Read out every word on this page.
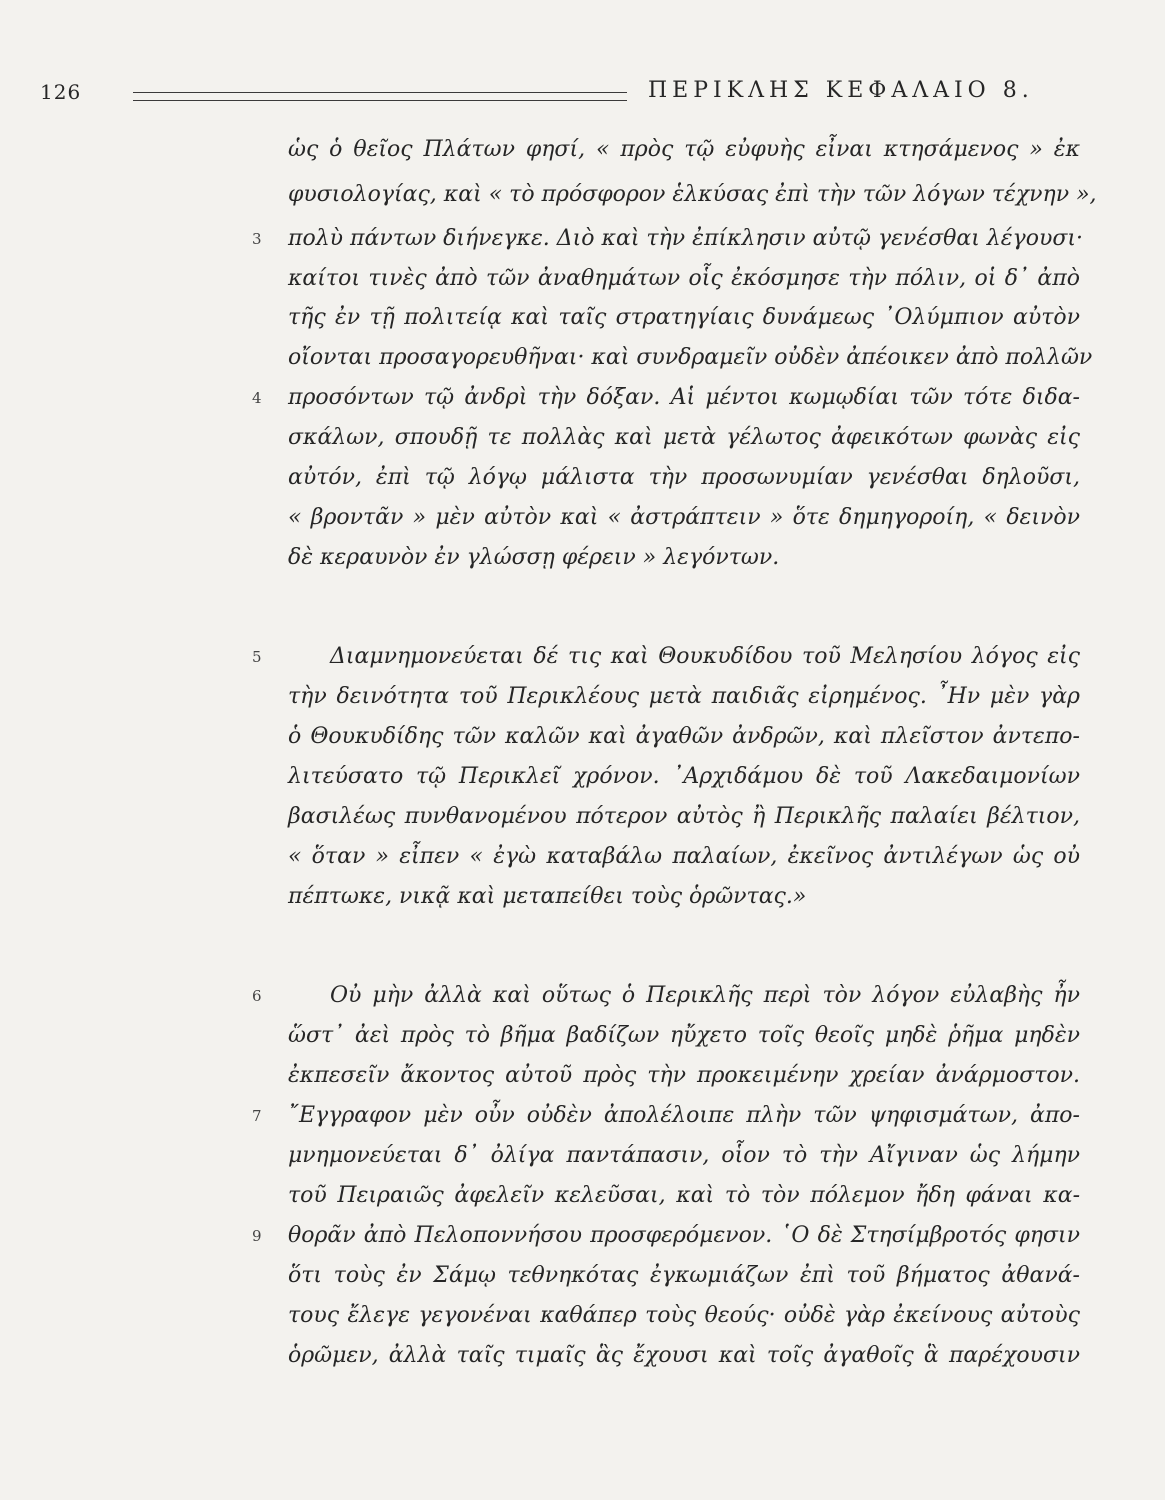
126	ΠΕΡΙΚΛΗΣ ΚΕΦΑΛΑΙΟ 8.
3
4
5
6
7
9
ὡς ὁ θεῖος Πλάτων φησί, « πρὸς τῷ εὐφυὴς εἶναι κτησάμενος » ἐκ
φυσιολογίας, καὶ « τὸ πρόσφορον ἑλκύσας ἐπὶ τὴν τῶν λόγων τέχνην »,
πολὺ πάντων διήνεγκε. Διὸ καὶ τὴν ἐπίκλησιν αὐτῷ γενέσθαι λέγουσι·
καίτοι τινὲς ἀπὸ τῶν ἀναθημάτων οἷς ἐκόσμησε τὴν πόλιν, οἱ δ᾽ ἀπὸ
τῆς ἐν τῇ πολιτείᾳ καὶ ταῖς στρατηγίαις δυνάμεως ᾽Ολύμπιον αὐτὸν
οἴονται προσαγορευθῆναι· καὶ συνδραμεῖν οὐδὲν ἀπέοικεν ἀπὸ πολλῶν
προσόντων τῷ ἀνδρὶ τὴν δόξαν. Αἱ μέντοι κωμῳδίαι τῶν τότε διδα-
σκάλων, σπουδῇ τε πολλὰς καὶ μετὰ γέλωτος ἀφεικότων φωνὰς εἰς
αὐτόν, ἐπὶ τῷ λόγῳ μάλιστα τὴν προσωνυμίαν γενέσθαι δηλοῦσι,
« βροντᾶν » μὲν αὐτὸν καὶ « ἀστράπτειν » ὅτε δημηγοροίη, « δεινὸν
δὲ κεραυνὸν ἐν γλώσσῃ φέρειν » λεγόντων.
Διαμνημονεύεται δέ τις καὶ Θουκυδίδου τοῦ Μελησίου λόγος εἰς
τὴν δεινότητα τοῦ Περικλέους μετὰ παιδιᾶς εἰρημένος. ῏Ην μὲν γὰρ
ὁ Θουκυδίδης τῶν καλῶν καὶ ἀγαθῶν ἀνδρῶν, καὶ πλεῖστον ἀντεπο-
λιτεύσατο τῷ Περικλεῖ χρόνον. ᾽Αρχιδάμου δὲ τοῦ Λακεδαιμονίων
βασιλέως πυνθανομένου πότερον αὐτὸς ἢ Περικλῆς παλαίει βέλτιον,
« ὅταν » εἶπεν « ἐγὼ καταβάλω παλαίων, ἐκεῖνος ἀντιλέγων ὡς οὐ
πέπτωκε, νικᾷ καὶ μεταπείθει τοὺς ὁρῶντας.»
Οὐ μὴν ἀλλὰ καὶ οὕτως ὁ Περικλῆς περὶ τὸν λόγον εὐλαβὴς ἦν
ὥστ᾽ ἀεὶ πρὸς τὸ βῆμα βαδίζων ηὔχετο τοῖς θεοῖς μηδὲ ῥῆμα μηδὲν
ἐκπεσεῖν ἄκοντος αὐτοῦ πρὸς τὴν προκειμένην χρείαν ἀνάρμοστον.
῎Εγγραφον μὲν οὖν οὐδὲν ἀπολέλοιπε πλὴν τῶν ψηφισμάτων, ἀπο-
μνημονεύεται δ᾽ ὀλίγα παντάπασιν, οἷον τὸ τὴν Αἴγιναν ὡς λήμην
τοῦ Πειραιῶς ἀφελεῖν κελεῦσαι, καὶ τὸ τὸν πόλεμον ἤδη φάναι κα-
θορᾶν ἀπὸ Πελοποννήσου προσφερόμενον. ῾Ο δὲ Στησίμβροτός φησιν
ὅτι τοὺς ἐν Σάμῳ τεθνηκότας ἐγκωμιάζων ἐπὶ τοῦ βήματος ἀθανά-
τους ἔλεγε γεγονέναι καθάπερ τοὺς θεούς· οὐδὲ γὰρ ἐκείνους αὐτοὺς
ὁρῶμεν, ἀλλὰ ταῖς τιμαῖς ἃς ἔχουσι καὶ τοῖς ἀγαθοῖς ἃ παρέχουσιν
